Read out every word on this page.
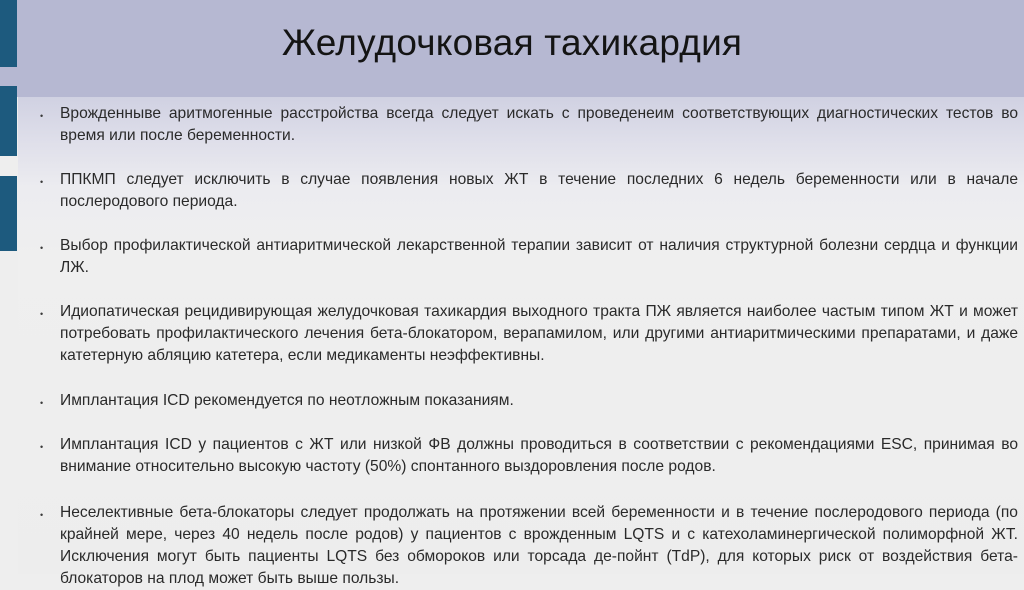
• Врожденныве аритмогенные расстройства всегда следует искать с проведенеим соответствующих диагностических тестов во время или после беременности.

• ППКМП следует исключить в случае появления новых ЖТ в течение последних 6 недель беременности или в начале послеродового периода.

• Выбор профилактической антиаритмической лекарственной терапии зависит от наличия структурной болезни сердца и функции ЛЖ.

• Идиопатическая рецидивирующая желудочковая тахикардия выходного тракта ПЖ является наиболее частым типом ЖТ и может потребовать профилактического лечения бета-блокатором, верапамилом, или другими антиаритмическими препаратами, и даже катетерную абляцию катетера, если медикаменты неэффективны.

• Имплантация ICD рекомендуется по неотложным показаниям.

• Имплантация ICD у пациентов с ЖТ или низкой ФВ должны проводиться в соответствии с рекомендациями ESC, принимая во внимание относительно высокую частоту (50%) спонтанного выздоровления после родов.

• Неселективные бета-блокаторы следует продолжать на протяжении всей беременности и в течение послеродового периода (по крайней мере, через 40 недель после родов) у пациентов с врожденным LQTS и с катехоламинергической полиморфной ЖТ. Исключения могут быть пациенты LQTS без обмороков или торсада де-пойнт (TdP), для которых риск от воздействия бета-блокаторов на плод может быть выше пользы.

Желудочковая тахикардия
